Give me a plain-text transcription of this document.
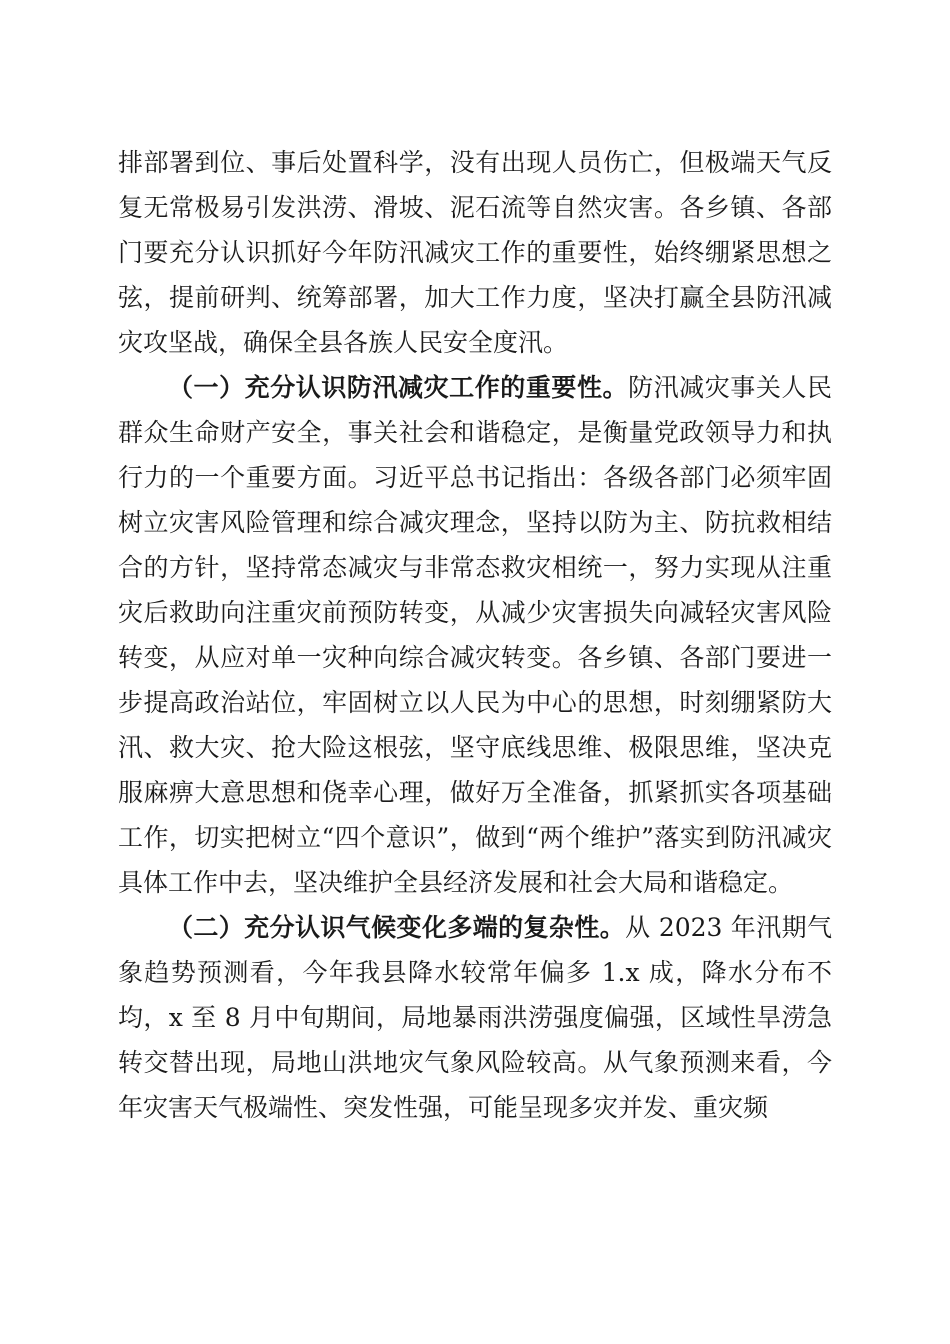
排部署到位、事后处置科学，没有出现人员伤亡，但极端天气反复无常极易引发洪涝、滑坡、泥石流等自然灾害。各乡镇、各部门要充分认识抓好今年防汛减灾工作的重要性，始终绷紧思想之弦，提前研判、统筹部署，加大工作力度，坚决打赢全县防汛减灾攻坚战，确保全县各族人民安全度汛。

（一）充分认识防汛减灾工作的重要性。防汛减灾事关人民群众生命财产安全，事关社会和谐稳定，是衡量党政领导力和执行力的一个重要方面。习近平总书记指出：各级各部门必须牢固树立灾害风险管理和综合减灾理念，坚持以防为主、防抗救相结合的方针，坚持常态减灾与非常态救灾相统一，努力实现从注重灾后救助向注重灾前预防转变，从减少灾害损失向减轻灾害风险转变，从应对单一灾种向综合减灾转变。各乡镇、各部门要进一步提高政治站位，牢固树立以人民为中心的思想，时刻绷紧防大汛、救大灾、抢大险这根弦，坚守底线思维、极限思维，坚决克服麻痹大意思想和侥幸心理，做好万全准备，抓紧抓实各项基础工作，切实把树立“四个意识”，做到“两个维护”落实到防汛减灾具体工作中去，坚决维护全县经济发展和社会大局和谐稳定。

（二）充分认识气候变化多端的复杂性。从 2023 年汛期气象趋势预测看，今年我县降水较常年偏多 1.x 成，降水分布不均，x 至 8 月中旬期间，局地暴雨洪涝强度偏强，区域性旱涝急转交替出现，局地山洪地灾气象风险较高。从气象预测来看，今年灾害天气极端性、突发性强，可能呈现多灾并发、重灾频
